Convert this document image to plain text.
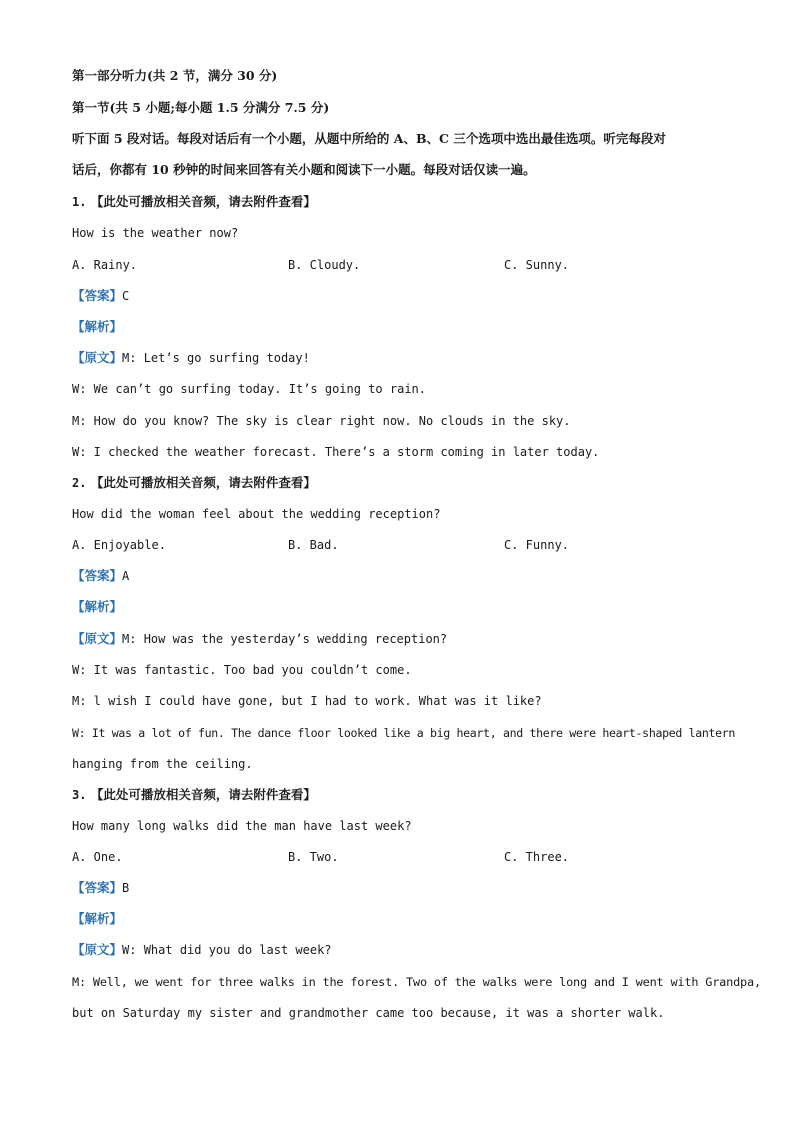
第一部分听力(共 2 节，满分 30 分)
第一节(共 5 小题;每小题 1.5 分满分 7.5 分)
听下面 5 段对话。每段对话后有一个小题，从题中所给的 A、B、C 三个选项中选出最佳选项。听完每段对
话后，你都有 10 秒钟的时间来回答有关小题和阅读下一小题。每段对话仅读一遍。
1. 【此处可播放相关音频，请去附件查看】
How is the weather now?
A. Rainy.	B. Cloudy.	C. Sunny.
【答案】C
【解析】
【原文】M: Let’s go surfing today!
W: We can’t go surfing today. It’s going to rain.
M: How do you know? The sky is clear right now. No clouds in the sky.
W: I checked the weather forecast. There’s a storm coming in later today.
2. 【此处可播放相关音频，请去附件查看】
How did the woman feel about the wedding reception?
A. Enjoyable.	B. Bad.	C. Funny.
【答案】A
【解析】
【原文】M: How was the yesterday’s wedding reception?
W: It was fantastic. Too bad you couldn’t come.
M: l wish I could have gone, but I had to work. What was it like?
W: It was a lot of fun. The dance floor looked like a big heart, and there were heart-shaped lantern
hanging from the ceiling.
3. 【此处可播放相关音频，请去附件查看】
How many long walks did the man have last week?
A. One.	B. Two.	C. Three.
【答案】B
【解析】
【原文】W: What did you do last week?
M: Well, we went for three walks in the forest. Two of the walks were long and I went with Grandpa,
but on Saturday my sister and grandmother came too because, it was a shorter walk.
